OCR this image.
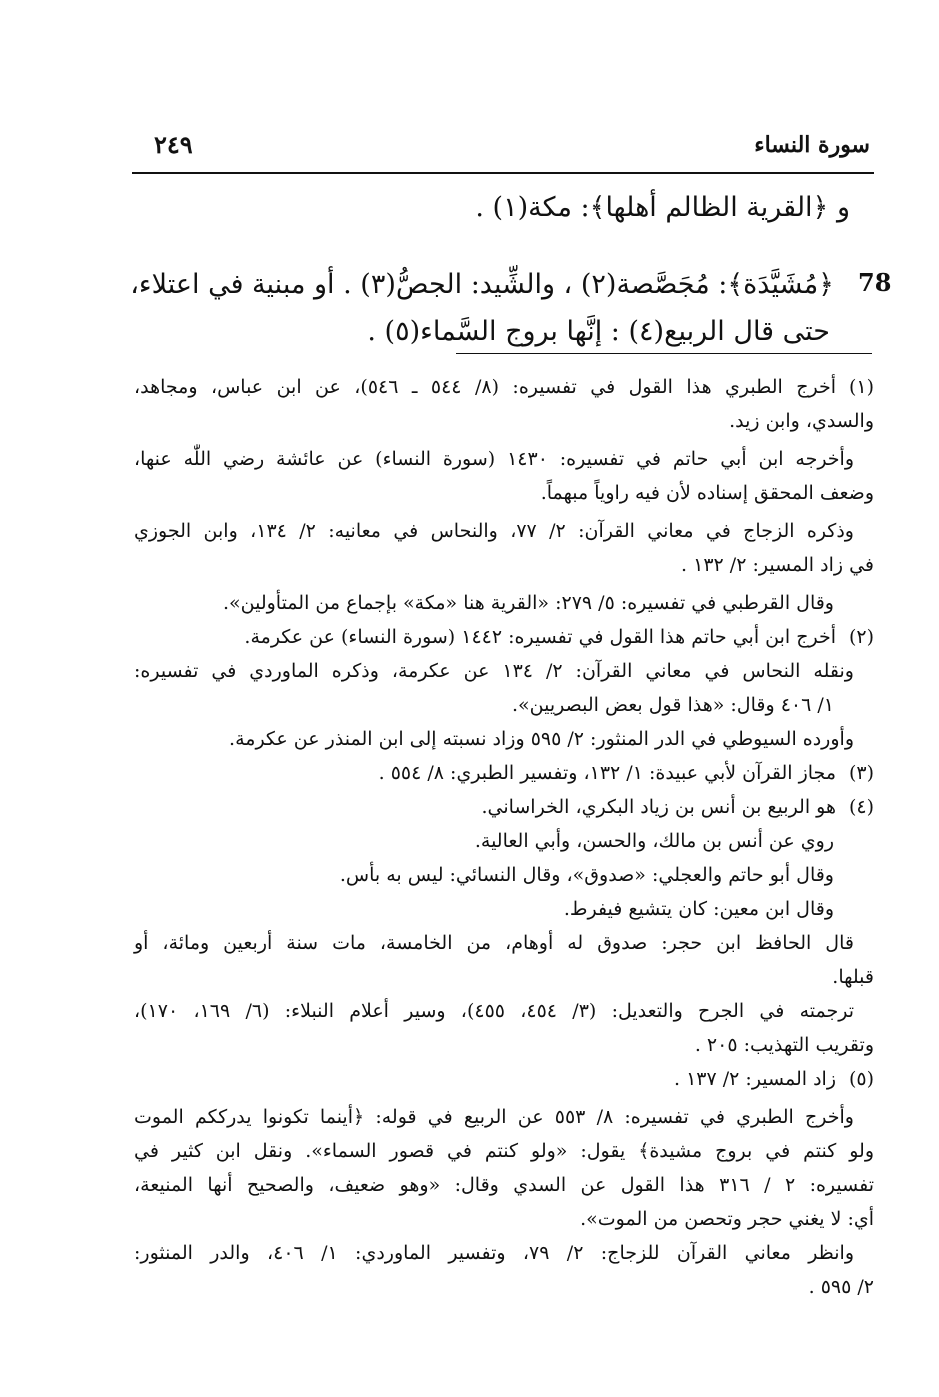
سورة النساء
٢٤٩
و ﴿القرية الظالم أهلها﴾: مكة(١) .
78
﴿مُشَيَّدَة﴾: مُجَصَّصة(٢) ، والشِّيد: الجصُّ(٣) . أو مبنية في اعتلاء،
حتى قال الربيع(٤) : إنَّها بروج السَّماء(٥) .
(١)
أخرج الطبري هذا القول في تفسيره: (٨/ ٥٤٤ ـ ٥٤٦)، عن ابن عباس، ومجاهد،
والسدي، وابن زيد.
وأخرجه ابن أبي حاتم في تفسيره: ١٤٣٠ (سورة النساء) عن عائشة رضي اللّٰه عنها،
وضعف المحقق إسناده لأن فيه راوياً مبهماً.
وذكره الزجاج في معاني القرآن: ٢/ ٧٧، والنحاس في معانيه: ٢/ ١٣٤، وابن الجوزي
في زاد المسير: ٢/ ١٣٢ .
وقال القرطبي في تفسيره: ٥/ ٢٧٩: «القرية هنا «مكة» بإجماع من المتأولين».
(٢)
أخرج ابن أبي حاتم هذا القول في تفسيره: ١٤٤٢ (سورة النساء) عن عكرمة.
ونقله النحاس في معاني القرآن: ٢/ ١٣٤ عن عكرمة، وذكره الماوردي في تفسيره:
١/ ٤٠٦ وقال: «هذا قول بعض البصريين».
وأورده السيوطي في الدر المنثور: ٢/ ٥٩٥ وزاد نسبته إلى ابن المنذر عن عكرمة.
(٣)
مجاز القرآن لأبي عبيدة: ١/ ١٣٢، وتفسير الطبري: ٨/ ٥٥٤ .
(٤)
هو الربيع بن أنس بن زياد البكري، الخراساني.
روي عن أنس بن مالك، والحسن، وأبي العالية.
وقال أبو حاتم والعجلي: «صدوق»، وقال النسائي: ليس به بأس.
وقال ابن معين: كان يتشيع فيفرط.
قال الحافظ ابن حجر: صدوق له أوهام، من الخامسة، مات سنة أربعين ومائة، أو
قبلها.
ترجمته في الجرح والتعديل: (٣/ ٤٥٤، ٤٥٥)، وسير أعلام النبلاء: (٦/ ١٦٩، ١٧٠)،
وتقريب التهذيب: ٢٠٥ .
(٥)
زاد المسير: ٢/ ١٣٧ .
وأخرج الطبري في تفسيره: ٨/ ٥٥٣ عن الربيع في قوله: ﴿أينما تكونوا يدرككم الموت
ولو كنتم في بروج مشيدة﴾ يقول: «ولو كنتم في قصور السماء». ونقل ابن كثير في
تفسيره: ٢ / ٣١٦ هذا القول عن السدي وقال: «وهو ضعيف، والصحيح أنها المنيعة،
أي: لا يغني حجر وتحصن من الموت».
وانظر معاني القرآن للزجاج: ٢/ ٧٩، وتفسير الماوردي: ١/ ٤٠٦، والدر المنثور:
٢/ ٥٩٥ .
